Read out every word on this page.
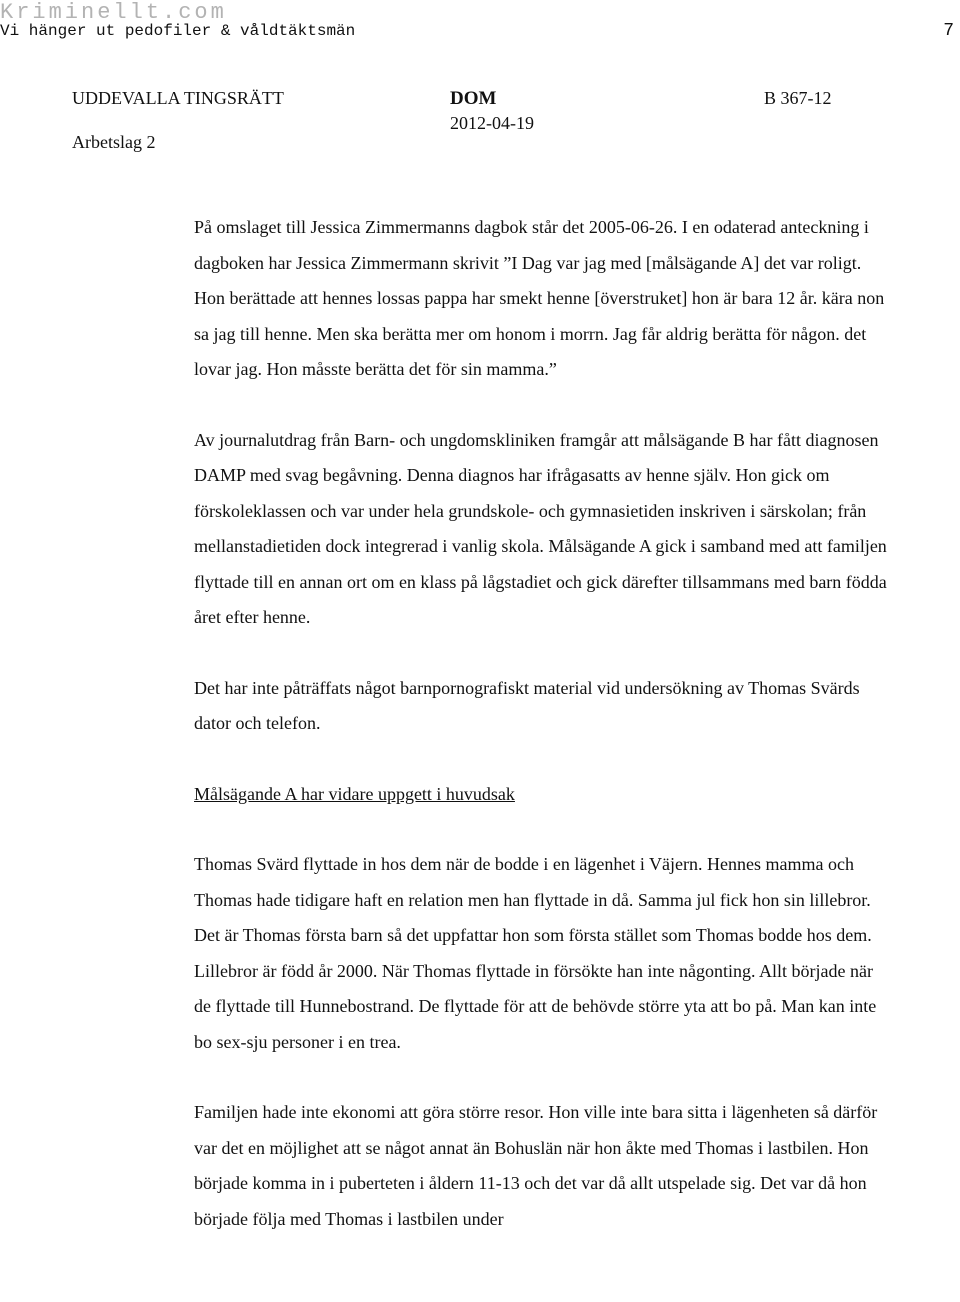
Kriminellt.com
Vi hänger ut pedofiler & våldtäktsmän	7
UDDEVALLA TINGSRÄTT
Arbetslag 2
DOM
2012-04-19
B 367-12

På omslaget till Jessica Zimmermanns dagbok står det 2005-06-26. I en odaterad anteckning i dagboken har Jessica Zimmermann skrivit ”I Dag var jag med [målsägande A] det var roligt. Hon berättade att hennes lossas pappa har smekt henne [överstruket] hon är bara 12 år. kära non sa jag till henne. Men ska berätta mer om honom i morrn. Jag får aldrig berätta för någon. det lovar jag. Hon måsste berätta det för sin mamma.”

Av journalutdrag från Barn- och ungdomskliniken framgår att målsägande B har fått diagnosen DAMP med svag begåvning. Denna diagnos har ifrågasatts av henne själv. Hon gick om förskoleklassen och var under hela grundskole- och gymnasietiden inskriven i särskolan; från mellanstadietiden dock integrerad i vanlig skola. Målsägande A gick i samband med att familjen flyttade till en annan ort om en klass på lågstadiet och gick därefter tillsammans med barn födda året efter henne.

Det har inte påträffats något barnpornografiskt material vid undersökning av Thomas Svärds dator och telefon.

Målsägande A har vidare uppgett i huvudsak

Thomas Svärd flyttade in hos dem när de bodde i en lägenhet i Väjern. Hennes mamma och Thomas hade tidigare haft en relation men han flyttade in då. Samma jul fick hon sin lillebror. Det är Thomas första barn så det uppfattar hon som första stället som Thomas bodde hos dem. Lillebror är född år 2000. När Thomas flyttade in försökte han inte någonting. Allt började när de flyttade till Hunnebostrand. De flyttade för att de behövde större yta att bo på. Man kan inte bo sex-sju personer i en trea.

Familjen hade inte ekonomi att göra större resor. Hon ville inte bara sitta i lägenheten så därför var det en möjlighet att se något annat än Bohuslän när hon åkte med Thomas i lastbilen. Hon började komma in i puberteten i åldern 11-13 och det var då allt utspelade sig. Det var då hon började följa med Thomas i lastbilen under
